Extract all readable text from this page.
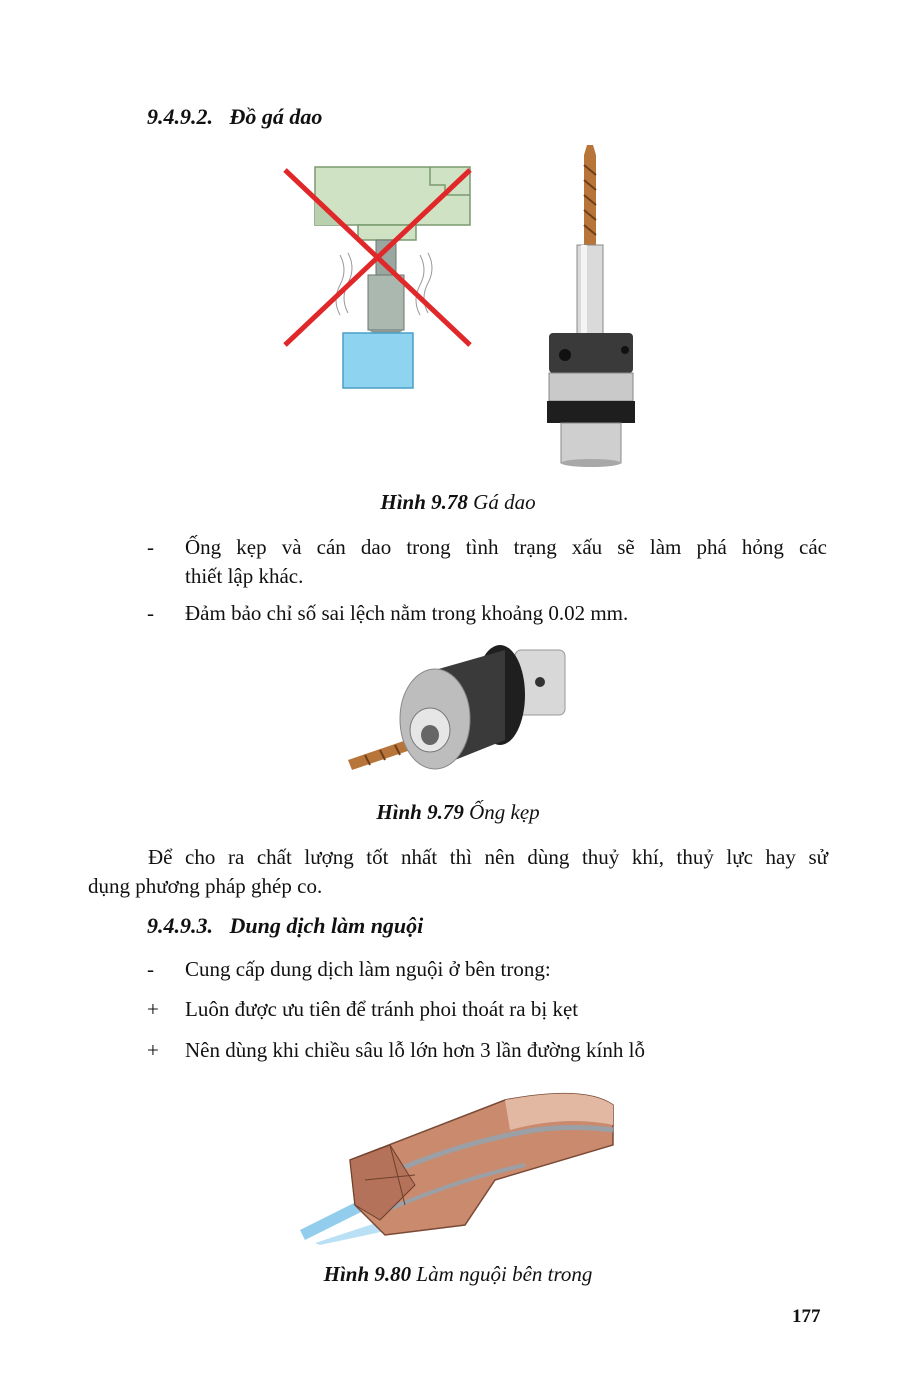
9.4.9.2. Đồ gá dao
Hình 9.78 Gá dao
-	Ống kẹp và cán dao trong tình trạng xấu sẽ làm phá hỏng các
thiết lập khác.
-	Đảm bảo chỉ số sai lệch nằm trong khoảng 0.02 mm.
Hình 9.79 Ống kẹp
Để cho ra chất lượng tốt nhất thì nên dùng thuỷ khí, thuỷ lực hay sử
dụng phương pháp ghép co.
9.4.9.3. Dung dịch làm nguội
-	Cung cấp dung dịch làm nguội ở bên trong:
+	Luôn được ưu tiên để tránh phoi thoát ra bị kẹt
+	Nên dùng khi chiều sâu lỗ lớn hơn 3 lần đường kính lỗ
Hình 9.80 Làm nguội bên trong
177
